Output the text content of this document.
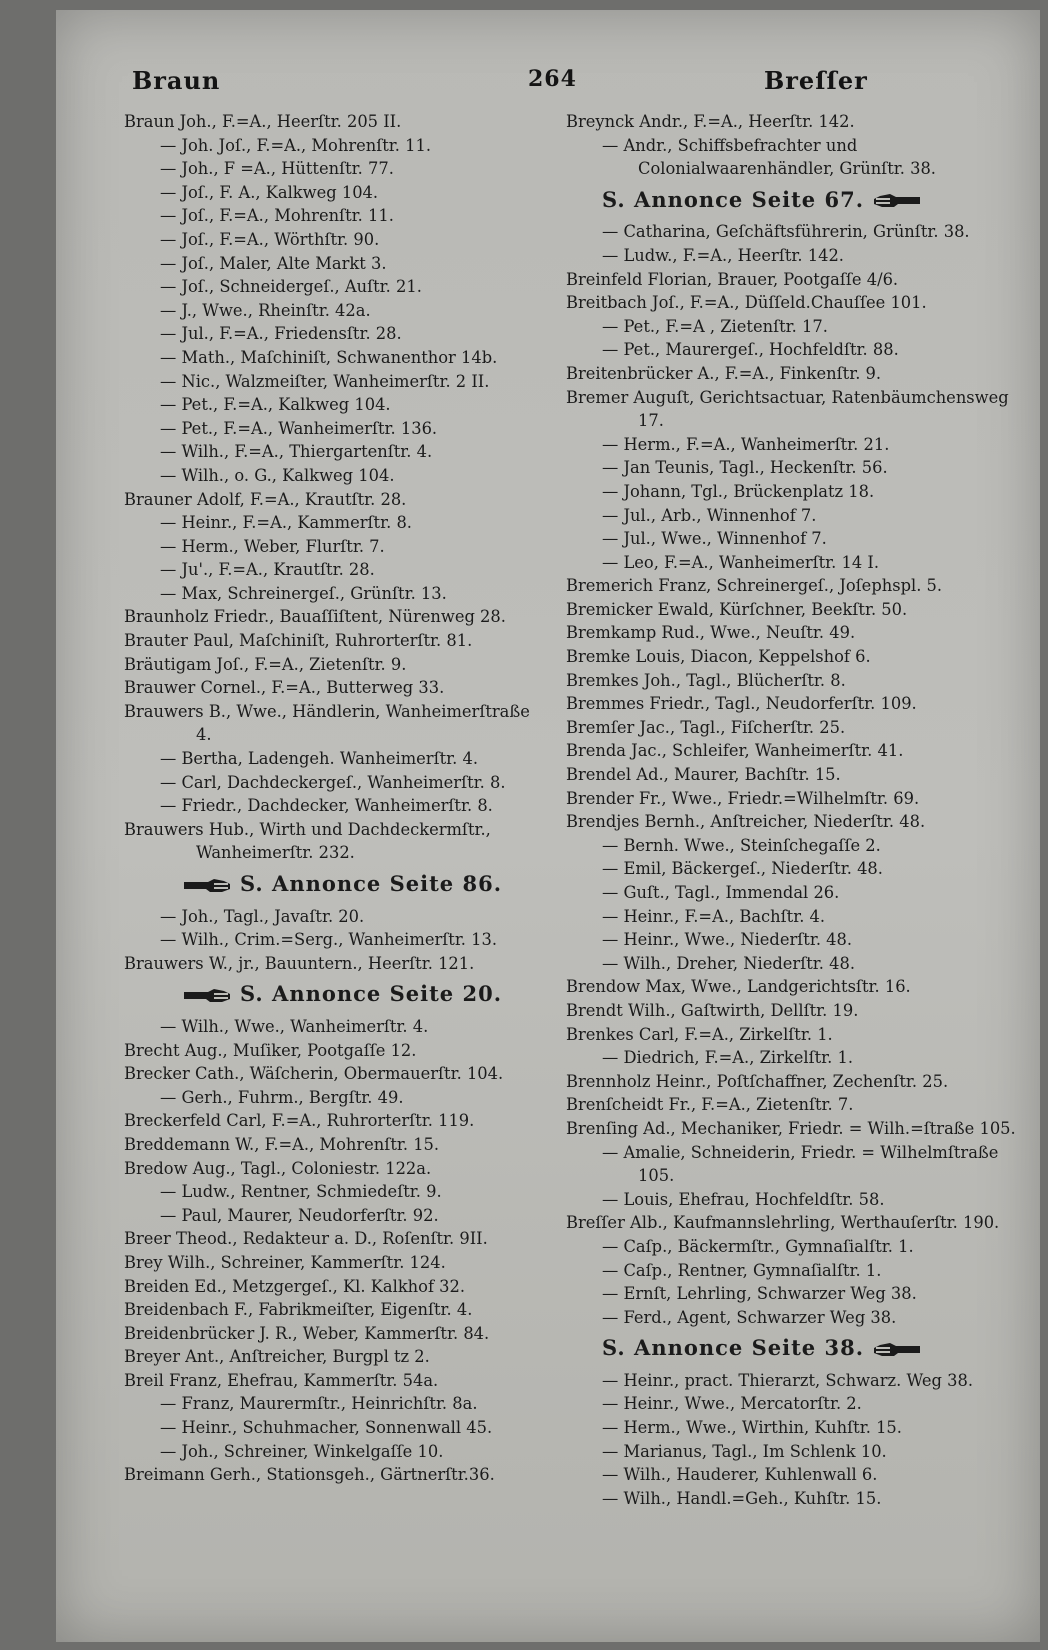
Braun	264	Breſſer
Braun Joh., F.=A., Heerſtr. 205 II.
— Joh. Joſ., F.=A., Mohrenſtr. 11.
— Joh., F =A., Hüttenſtr. 77.
— Joſ., F. A., Kalkweg 104.
— Joſ., F.=A., Mohrenſtr. 11.
— Joſ., F.=A., Wörthſtr. 90.
— Joſ., Maler, Alte Markt 3.
— Joſ., Schneidergeſ., Auſtr. 21.
— J., Wwe., Rheinſtr. 42a.
— Jul., F.=A., Friedensſtr. 28.
— Math., Maſchiniſt, Schwanenthor 14b.
— Nic., Walzmeiſter, Wanheimerſtr. 2 II.
— Pet., F.=A., Kalkweg 104.
— Pet., F.=A., Wanheimerſtr. 136.
— Wilh., F.=A., Thiergartenſtr. 4.
— Wilh., o. G., Kalkweg 104.
Brauner Adolf, F.=A., Krautſtr. 28.
— Heinr., F.=A., Kammerſtr. 8.
— Herm., Weber, Flurſtr. 7.
— Ju'., F.=A., Krautſtr. 28.
— Max, Schreinergeſ., Grünſtr. 13.
Braunholz Friedr., Bauaſſiſtent, Nürenweg 28.
Brauter Paul, Maſchiniſt, Ruhrorterſtr. 81.
Bräutigam Joſ., F.=A., Zietenſtr. 9.
Brauwer Cornel., F.=A., Butterweg 33.
Brauwers B., Wwe., Händlerin, Wanheimerſtraße 4.
— Bertha, Ladengeh. Wanheimerſtr. 4.
— Carl, Dachdeckergeſ., Wanheimerſtr. 8.
— Friedr., Dachdecker, Wanheimerſtr. 8.
Brauwers Hub., Wirth und Dachdeckermſtr., Wanheimerſtr. 232.
S. Annonce Seite 86.
— Joh., Tagl., Javaſtr. 20.
— Wilh., Crim.=Serg., Wanheimerſtr. 13.
Brauwers W., jr., Bauuntern., Heerſtr. 121.
S. Annonce Seite 20.
— Wilh., Wwe., Wanheimerſtr. 4.
Brecht Aug., Muſiker, Pootgaſſe 12.
Brecker Cath., Wäſcherin, Obermauerſtr. 104.
— Gerh., Fuhrm., Bergſtr. 49.
Breckerfeld Carl, F.=A., Ruhrorterſtr. 119.
Breddemann W., F.=A., Mohrenſtr. 15.
Bredow Aug., Tagl., Coloniestr. 122a.
— Ludw., Rentner, Schmiedeſtr. 9.
— Paul, Maurer, Neudorferſtr. 92.
Breer Theod., Redakteur a. D., Roſenſtr. 9II.
Brey Wilh., Schreiner, Kammerſtr. 124.
Breiden Ed., Metzgergeſ., Kl. Kalkhof 32.
Breidenbach F., Fabrikmeiſter, Eigenſtr. 4.
Breidenbrücker J. R., Weber, Kammerſtr. 84.
Breyer Ant., Anſtreicher, Burgpl tz 2.
Breil Franz, Ehefrau, Kammerſtr. 54a.
— Franz, Maurermſtr., Heinrichſtr. 8a.
— Heinr., Schuhmacher, Sonnenwall 45.
— Joh., Schreiner, Winkelgaſſe 10.
Breimann Gerh., Stationsgeh., Gärtnerſtr.36.
Breynck Andr., F.=A., Heerſtr. 142.
— Andr., Schiffsbefrachter und Colonialwaarenhändler, Grünſtr. 38.
S. Annonce Seite 67.
— Catharina, Geſchäftsführerin, Grünſtr. 38.
— Ludw., F.=A., Heerſtr. 142.
Breinfeld Florian, Brauer, Pootgaſſe 4/6.
Breitbach Joſ., F.=A., Düſſeld.Chauſſee 101.
— Pet., F.=A , Zietenſtr. 17.
— Pet., Maurergeſ., Hochfeldſtr. 88.
Breitenbrücker A., F.=A., Finkenſtr. 9.
Bremer Auguſt, Gerichtsactuar, Ratenbäumchensweg 17.
— Herm., F.=A., Wanheimerſtr. 21.
— Jan Teunis, Tagl., Heckenſtr. 56.
— Johann, Tgl., Brückenplatz 18.
— Jul., Arb., Winnenhof 7.
— Jul., Wwe., Winnenhof 7.
— Leo, F.=A., Wanheimerſtr. 14 I.
Bremerich Franz, Schreinergeſ., Joſephspl. 5.
Bremicker Ewald, Kürſchner, Beekſtr. 50.
Bremkamp Rud., Wwe., Neuſtr. 49.
Bremke Louis, Diacon, Keppelshof 6.
Bremkes Joh., Tagl., Blücherſtr. 8.
Bremmes Friedr., Tagl., Neudorferſtr. 109.
Bremſer Jac., Tagl., Fiſcherſtr. 25.
Brenda Jac., Schleifer, Wanheimerſtr. 41.
Brendel Ad., Maurer, Bachſtr. 15.
Brender Fr., Wwe., Friedr.=Wilhelmſtr. 69.
Brendjes Bernh., Anſtreicher, Niederſtr. 48.
— Bernh. Wwe., Steinſchegaſſe 2.
— Emil, Bäckergeſ., Niederſtr. 48.
— Guſt., Tagl., Immendal 26.
— Heinr., F.=A., Bachſtr. 4.
— Heinr., Wwe., Niederſtr. 48.
— Wilh., Dreher, Niederſtr. 48.
Brendow Max, Wwe., Landgerichtsſtr. 16.
Brendt Wilh., Gaſtwirth, Dellſtr. 19.
Brenkes Carl, F.=A., Zirkelſtr. 1.
— Diedrich, F.=A., Zirkelſtr. 1.
Brennholz Heinr., Poſtſchaffner, Zechenſtr. 25.
Brenſcheidt Fr., F.=A., Zietenſtr. 7.
Brenſing Ad., Mechaniker, Friedr. = Wilh.=ſtraße 105.
— Amalie, Schneiderin, Friedr. = Wilhelmſtraße 105.
— Louis, Ehefrau, Hochfeldſtr. 58.
Breſſer Alb., Kaufmannslehrling, Werthauſerſtr. 190.
— Caſp., Bäckermſtr., Gymnaſialſtr. 1.
— Caſp., Rentner, Gymnaſialſtr. 1.
— Ernſt, Lehrling, Schwarzer Weg 38.
— Ferd., Agent, Schwarzer Weg 38.
S. Annonce Seite 38.
— Heinr., pract. Thierarzt, Schwarz. Weg 38.
— Heinr., Wwe., Mercatorſtr. 2.
— Herm., Wwe., Wirthin, Kuhſtr. 15.
— Marianus, Tagl., Im Schlenk 10.
— Wilh., Hauderer, Kuhlenwall 6.
— Wilh., Handl.=Geh., Kuhſtr. 15.
